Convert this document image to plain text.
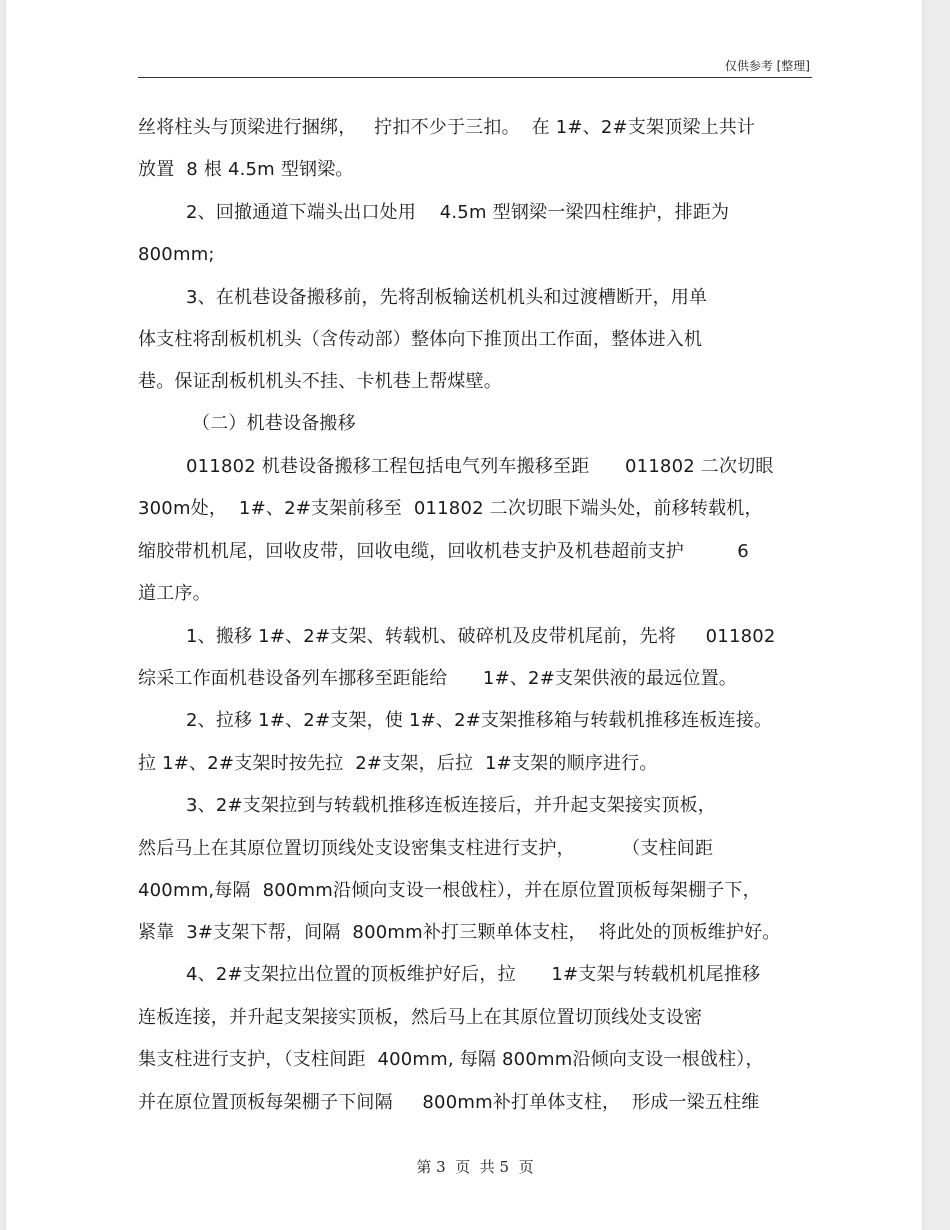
仅供参考 [整理]
丝将柱头与顶梁进行捆绑，   拧扣不少于三扣。  在 1#、2#支架顶梁上共计
放置  8 根 4.5m 型钢梁。
2、回撤通道下端头出口处用    4.5m 型钢梁一梁四柱维护，排距为
800mm;
3、在机巷设备搬移前，先将刮板输送机机头和过渡槽断开，用单
体支柱将刮板机机头（含传动部）整体向下推顶出工作面，整体进入机
巷。保证刮板机机头不挂、卡机巷上帮煤壁。
（二）机巷设备搬移
011802 机巷设备搬移工程包括电气列车搬移至距      011802 二次切眼
300m处，  1#、2#支架前移至  011802 二次切眼下端头处，前移转载机，
缩胶带机机尾，回收皮带，回收电缆，回收机巷支护及机巷超前支护         6
道工序。
1、搬移 1#、2#支架、转载机、破碎机及皮带机尾前，先将     011802
综采工作面机巷设备列车挪移至距能给      1#、2#支架供液的最远位置。
2、拉移 1#、2#支架，使 1#、2#支架推移箱与转载机推移连板连接。
拉 1#、2#支架时按先拉  2#支架，后拉  1#支架的顺序进行。
3、2#支架拉到与转载机推移连板连接后，并升起支架接实顶板，
然后马上在其原位置切顶线处支设密集支柱进行支护，        （支柱间距
400mm,每隔  800mm沿倾向支设一根戗柱），并在原位置顶板每架棚子下，
紧靠  3#支架下帮，间隔  800mm补打三颗单体支柱，  将此处的顶板维护好。
4、2#支架拉出位置的顶板维护好后，拉      1#支架与转载机机尾推移
连板连接，并升起支架接实顶板，然后马上在其原位置切顶线处支设密
集支柱进行支护，（支柱间距  400mm, 每隔 800mm沿倾向支设一根戗柱），
并在原位置顶板每架棚子下间隔     800mm补打单体支柱，  形成一梁五柱维
第 3  页  共 5  页
